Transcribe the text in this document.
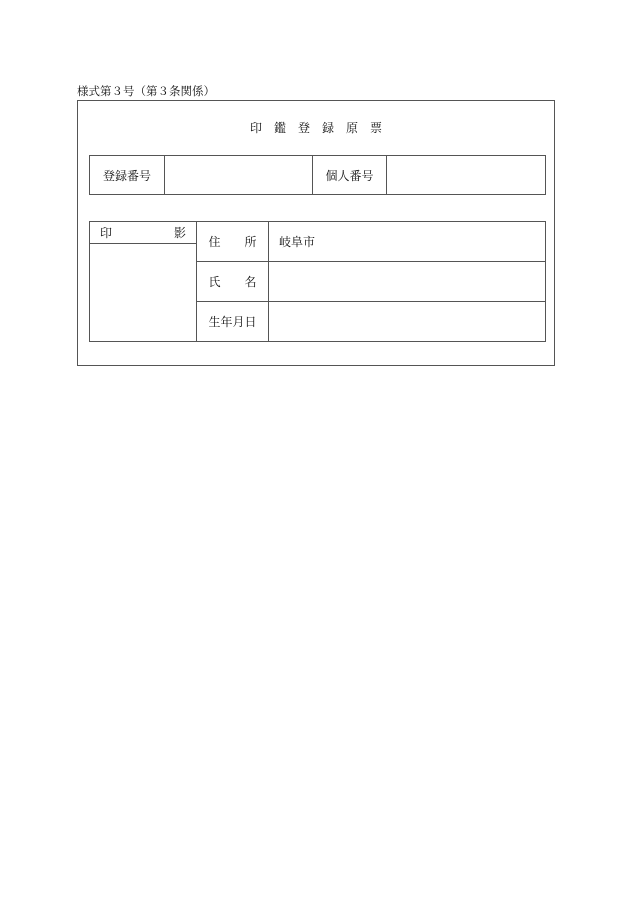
様式第３号（第３条関係）
印　鑑　登　録　原　票
登録番号		個人番号	
印 影	住　　所	岐阜市
	氏　　名	
	生年月日	
